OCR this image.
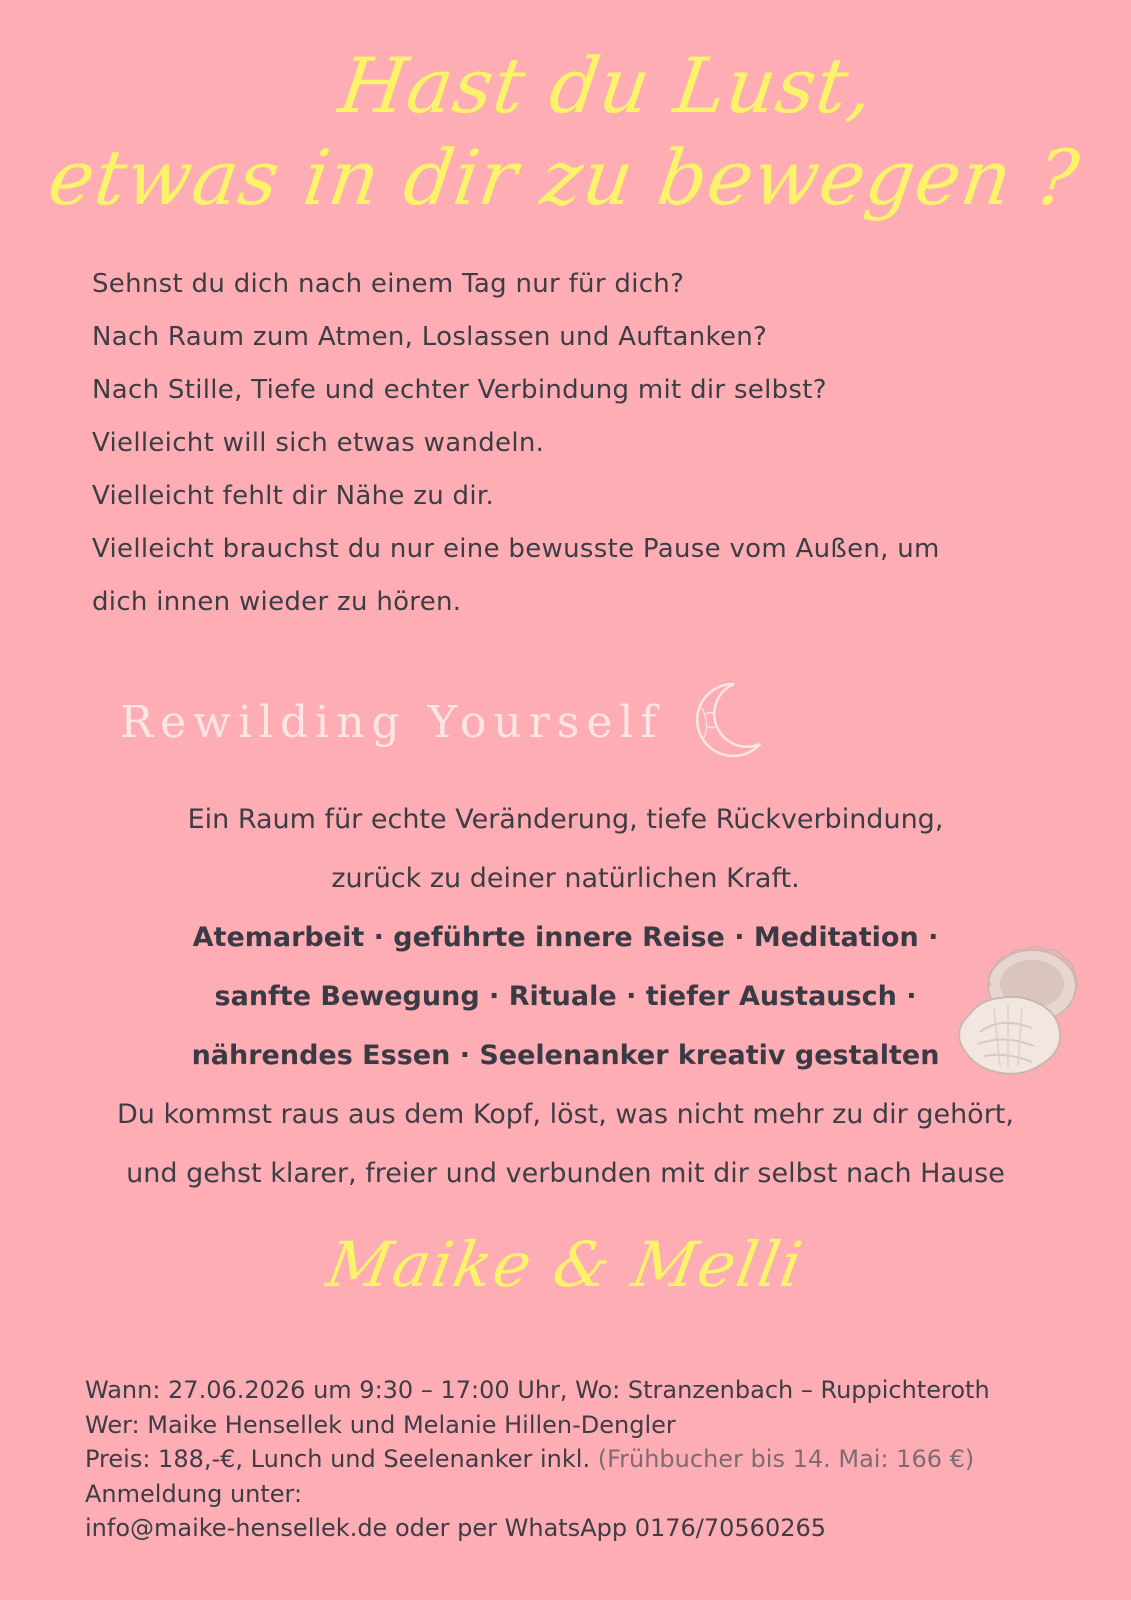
Hast du Lust,
etwas in dir zu bewegen ?

Sehnst du dich nach einem Tag nur für dich?

Nach Raum zum Atmen, Loslassen und Auftanken?

Nach Stille, Tiefe und echter Verbindung mit dir selbst?

Vielleicht will sich etwas wandeln.

Vielleicht fehlt dir Nähe zu dir.

Vielleicht brauchst du nur eine bewusste Pause vom Außen, um

dich innen wieder zu hören.

Rewilding Yourself

Ein Raum für echte Veränderung, tiefe Rückverbindung,

zurück zu deiner natürlichen Kraft.

Atemarbeit · geführte innere Reise · Meditation ·

sanfte Bewegung · Rituale · tiefer Austausch ·

nährendes Essen · Seelenanker kreativ gestalten

Du kommst raus aus dem Kopf, löst, was nicht mehr zu dir gehört,

und gehst klarer, freier und verbunden mit dir selbst nach Hause

Maike & Melli

Wann: 27.06.2026 um 9:30 – 17:00 Uhr, Wo: Stranzenbach – Ruppichteroth

Wer: Maike Hensellek und Melanie Hillen-Dengler

Preis: 188,-€, Lunch und Seelenanker inkl. (Frühbucher bis 14. Mai: 166 €)

Anmeldung unter:

info@maike-hensellek.de oder per WhatsApp 0176/70560265
